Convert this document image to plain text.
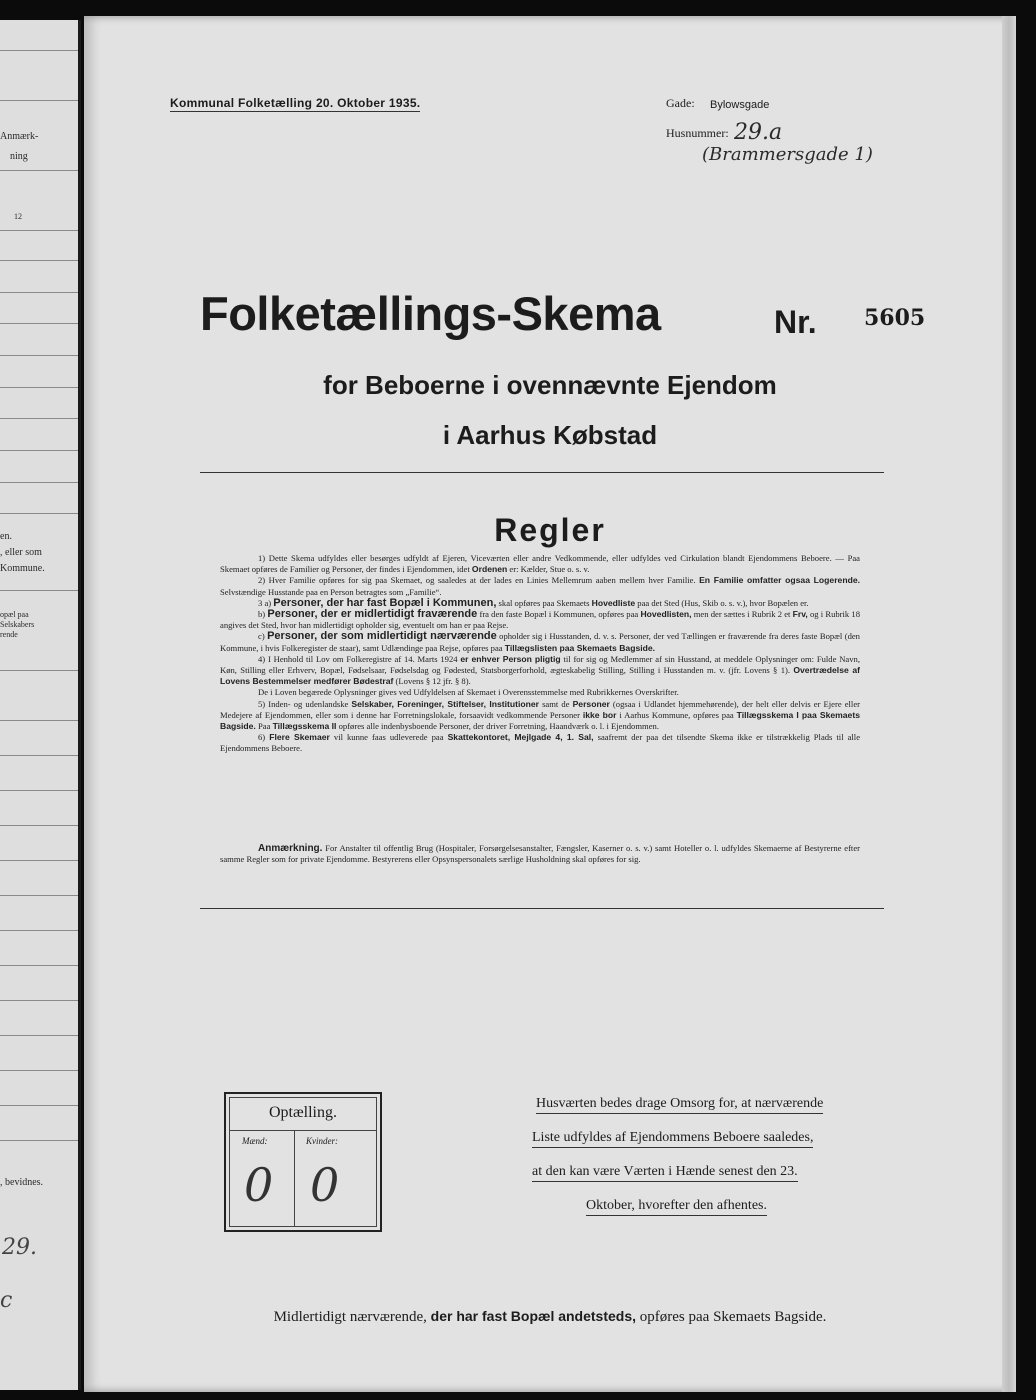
Anmærk-
ning
12
en.
, eller som
Kommune.
opæl paa
Selskabers
rende
, bevidnes.
29.
c
Kommunal Folketælling 20. Oktober 1935.	Gade: Bylowsgade
Husnummer: 29.a
(Brammersgade 1)
Folketællings-Skema	Nr. 5605
for Beboerne i ovennævnte Ejendom
i Aarhus Købstad
Regler

1) Dette Skema udfyldes eller besørges udfyldt af Ejeren, Viceværten eller andre Vedkommende, eller udfyldes ved Cirkulation blandt Ejendommens Beboere. — Paa Skemaet opføres de Familier og Personer, der findes i Ejendommen, idet Ordenen er: Kælder, Stue o. s. v.

2) Hver Familie opføres for sig paa Skemaet, og saaledes at der lades en Linies Mellemrum aaben mellem hver Familie. En Familie omfatter ogsaa Logerende. Selvstændige Husstande paa en Person betragtes som „Familie“.

3 a) Personer, der har fast Bopæl i Kommunen, skal opføres paa Skemaets Hovedliste paa det Sted (Hus, Skib o. s. v.), hvor Bopælen er.

b) Personer, der er midlertidigt fraværende fra den faste Bopæl i Kommunen, opføres paa Hovedlisten, men der sættes i Rubrik 2 et Frv, og i Rubrik 18 angives det Sted, hvor han midlertidigt opholder sig, eventuelt om han er paa Rejse.

c) Personer, der som midlertidigt nærværende opholder sig i Husstanden, d. v. s. Personer, der ved Tællingen er fraværende fra deres faste Bopæl (den Kommune, i hvis Folkeregister de staar), samt Udlændinge paa Rejse, opføres paa Tillægslisten paa Skemaets Bagside.

4) I Henhold til Lov om Folkeregistre af 14. Marts 1924 er enhver Person pligtig til for sig og Medlemmer af sin Husstand, at meddele Oplysninger om: Fulde Navn, Køn, Stilling eller Erhverv, Bopæl, Fødselsaar, Fødselsdag og Fødested, Statsborgerforhold, ægteskabelig Stilling, Stilling i Husstanden m. v. (jfr. Lovens § 1). Overtrædelse af Lovens Bestemmelser medfører Bødestraf (Lovens § 12 jfr. § 8).

De i Loven begærede Oplysninger gives ved Udfyldelsen af Skemaet i Overensstemmelse med Rubrikkernes Overskrifter.

5) Inden- og udenlandske Selskaber, Foreninger, Stiftelser, Institutioner samt de Personer (ogsaa i Udlandet hjemmehørende), der helt eller delvis er Ejere eller Medejere af Ejendommen, eller som i denne har Forretningslokale, forsaavidt vedkommende Personer ikke bor i Aarhus Kommune, opføres paa Tillægsskema I paa Skemaets Bagside. Paa Tillægsskema II opføres alle indenbysboende Personer, der driver Forretning, Haandværk o. l. i Ejendommen.

6) Flere Skemaer vil kunne faas udleverede paa Skattekontoret, Mejlgade 4, 1. Sal, saafremt der paa det tilsendte Skema ikke er tilstrækkelig Plads til alle Ejendommens Beboere.

Anmærkning. For Anstalter til offentlig Brug (Hospitaler, Forsørgelsesanstalter, Fængsler, Kaserner o. s. v.) samt Hoteller o. l. udfyldes Skemaerne af Bestyrerne efter samme Regler som for private Ejendomme. Bestyrerens eller Opsynspersonalets særlige Husholdning skal opføres for sig.
Optælling.
Mænd:	Kvinder:
0 0
Husværten bedes drage Omsorg for, at nærværende
Liste udfyldes af Ejendommens Beboere saaledes,
at den kan være Værten i Hænde senest den 23.
Oktober, hvorefter den afhentes.
Midlertidigt nærværende, der har fast Bopæl andetsteds, opføres paa Skemaets Bagside.
